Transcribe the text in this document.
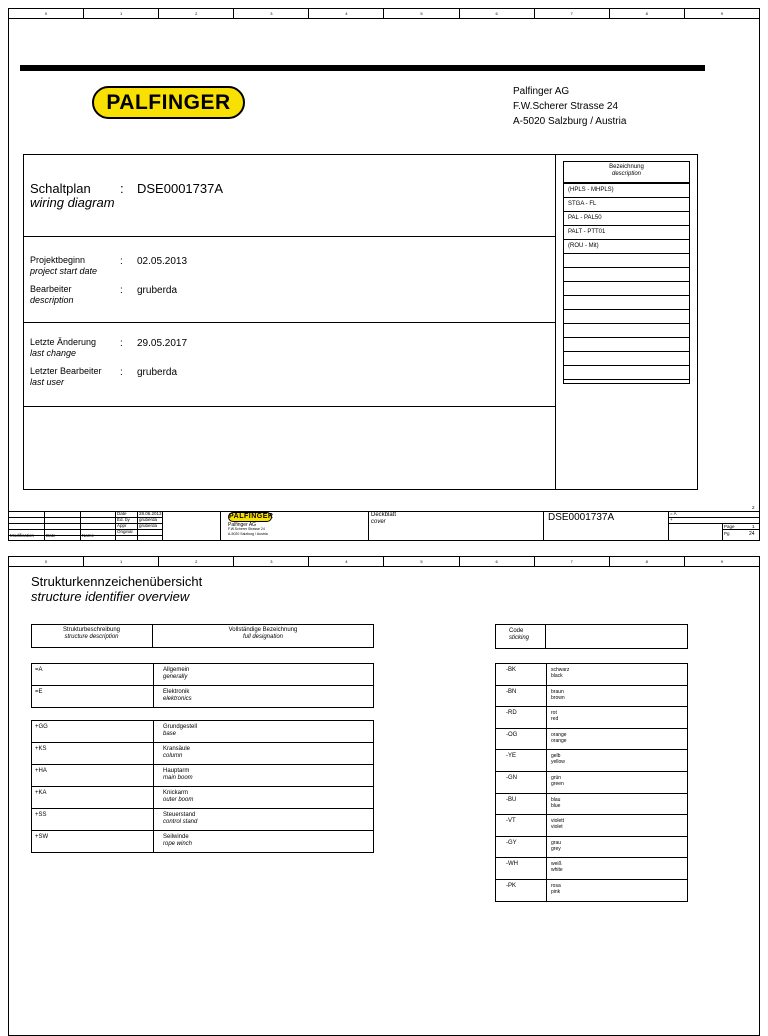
0	1	2	3	4	5	6	7	8	9
PALFINGER	Palfinger AG
F.W.Scherer Strasse 24
A-5020 Salzburg / Austria
Schaltplan : DSE0001737A
wiring diagram
Projektbeginn
project start date
: 02.05.2013
Bearbeiter
description
: gruberda
Letzte Änderung
last change
: 29.05.2017
Letzter Bearbeiter
last user
: gruberda
Bezeichnung
description
(HPLS - MHPLS)
STGA - FL
PAL - PAL50
PALT - PTT01
(ROU - Mit)
2
Date	28.06.2013
Ed. by gruberda
Appr	gruberda
Original
Modification	Date	Name
PALFINGER
Palfinger AG
F.W.Scherer Strasse 24
A-5020 Salzburg / Austria
Deckblatt
cover	DSE0001737A	= A
+
Page	1
Pg	24
0	1	2	3	4	5	6	7	8	9
Strukturkennzeichenübersicht
structure identifier overview
Strukturbeschreibung
structure description
Vollständige Bezeichnung
full designation
=A	Allgemein
generally
=E	Elektronik
elektronics
+GG	Grundgestell
base
+KS	Kransäule
column
+HA	Hauptarm
main boom
+KA	Knickarm
outer boom
+SS	Steuerstand
control stand
+SW	Seilwinde
rope winch
Code
sticking
-BK	schwarz
black
-BN	braun
brown
-RD	rot
red
-OG	orange
orange
-YE	gelb
yellow
-GN	grün
green
-BU	blau
blue
-VT	violett
violet
-GY	grau
grey
-WH	weiß
white
-PK	rosa
pink
